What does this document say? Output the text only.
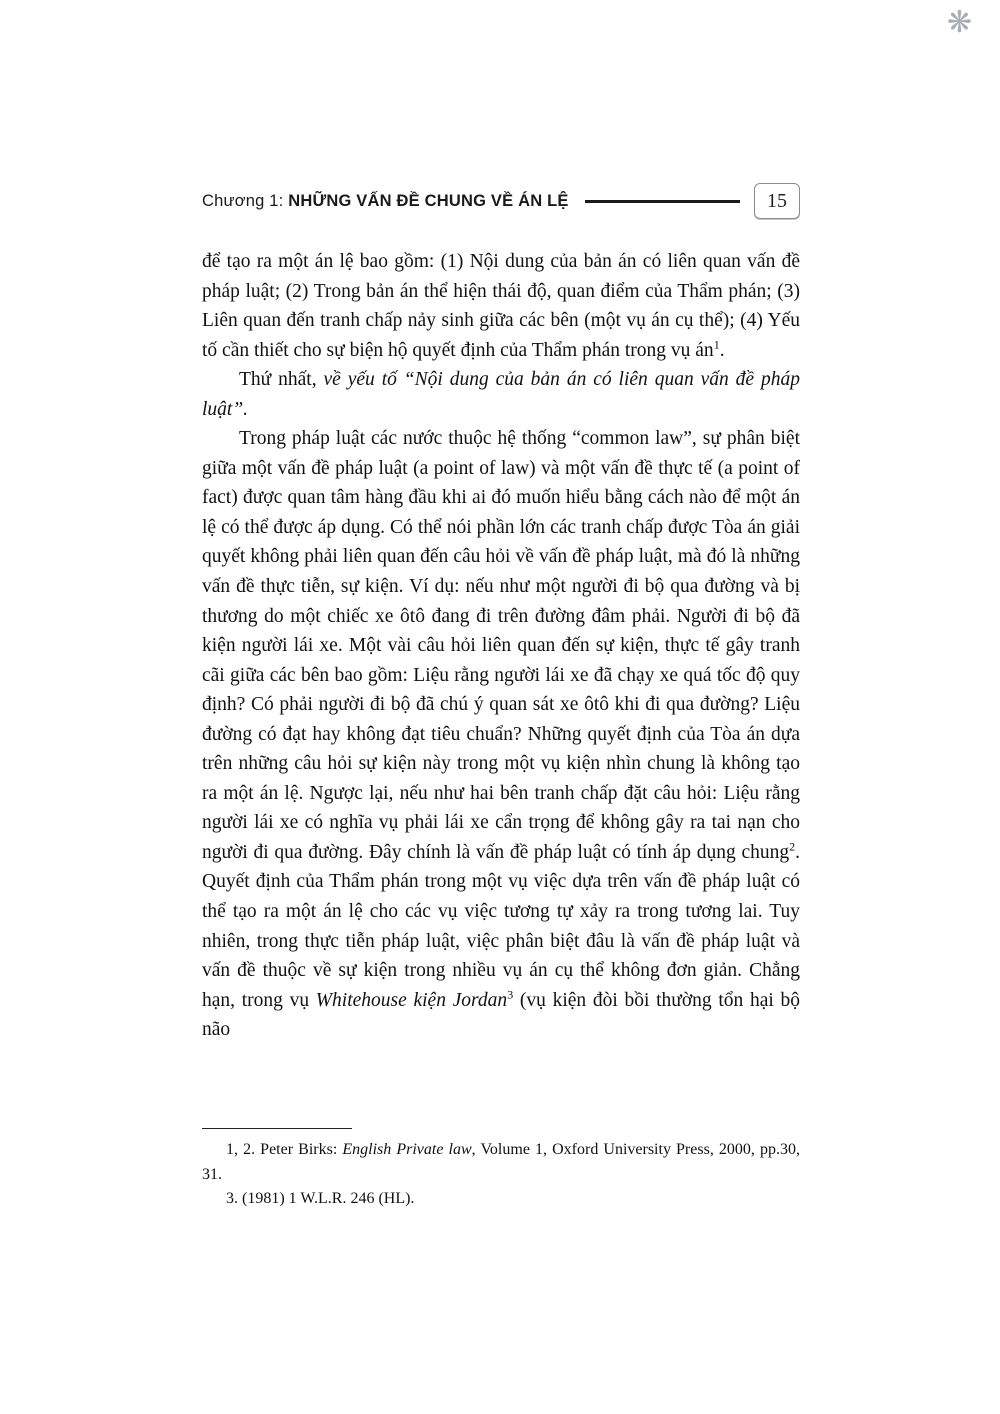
❋
Chương 1: NHỮNG VẤN ĐỀ CHUNG VỀ ÁN LỆ	15

để tạo ra một án lệ bao gồm: (1) Nội dung của bản án có liên quan vấn đề pháp luật; (2) Trong bản án thể hiện thái độ, quan điểm của Thẩm phán; (3) Liên quan đến tranh chấp nảy sinh giữa các bên (một vụ án cụ thể); (4) Yếu tố cần thiết cho sự biện hộ quyết định của Thẩm phán trong vụ $án^1$.

Thứ nhất, về yếu tố “Nội dung của bản án có liên quan vấn đề pháp luật”.

Trong pháp luật các nước thuộc hệ thống “common law”, sự phân biệt giữa một vấn đề pháp luật (a point of law) và một vấn đề thực tế (a point of fact) được quan tâm hàng đầu khi ai đó muốn hiểu bằng cách nào để một án lệ có thể được áp dụng. Có thể nói phần lớn các tranh chấp được Tòa án giải quyết không phải liên quan đến câu hỏi về vấn đề pháp luật, mà đó là những vấn đề thực tiễn, sự kiện. Ví dụ: nếu như một người đi bộ qua đường và bị thương do một chiếc xe ôtô đang đi trên đường đâm phải. Người đi bộ đã kiện người lái xe. Một vài câu hỏi liên quan đến sự kiện, thực tế gây tranh cãi giữa các bên bao gồm: Liệu rằng người lái xe đã chạy xe quá tốc độ quy định? Có phải người đi bộ đã chú ý quan sát xe ôtô khi đi qua đường? Liệu đường có đạt hay không đạt tiêu chuẩn? Những quyết định của Tòa án dựa trên những câu hỏi sự kiện này trong một vụ kiện nhìn chung là không tạo ra một án lệ. Ngược lại, nếu như hai bên tranh chấp đặt câu hỏi: Liệu rằng người lái xe có nghĩa vụ phải lái xe cẩn trọng để không gây ra tai nạn cho người đi qua đường. Đây chính là vấn đề pháp luật có tính áp dụng chung$^2$. Quyết định của Thẩm phán trong một vụ việc dựa trên vấn đề pháp luật có thể tạo ra một án lệ cho các vụ việc tương tự xảy ra trong tương lai. Tuy nhiên, trong thực tiễn pháp luật, việc phân biệt đâu là vấn đề pháp luật và vấn đề thuộc về sự kiện trong nhiều vụ án cụ thể không đơn giản. Chẳng hạn, trong vụ Whitehouse kiện Jordan$^3$ (vụ kiện đòi bồi thường tổn hại bộ não

1, 2. Peter Birks: English Private law, Volume 1, Oxford University Press, 2000, pp.30, 31.

3. (1981) 1 W.L.R. 246 (HL).
